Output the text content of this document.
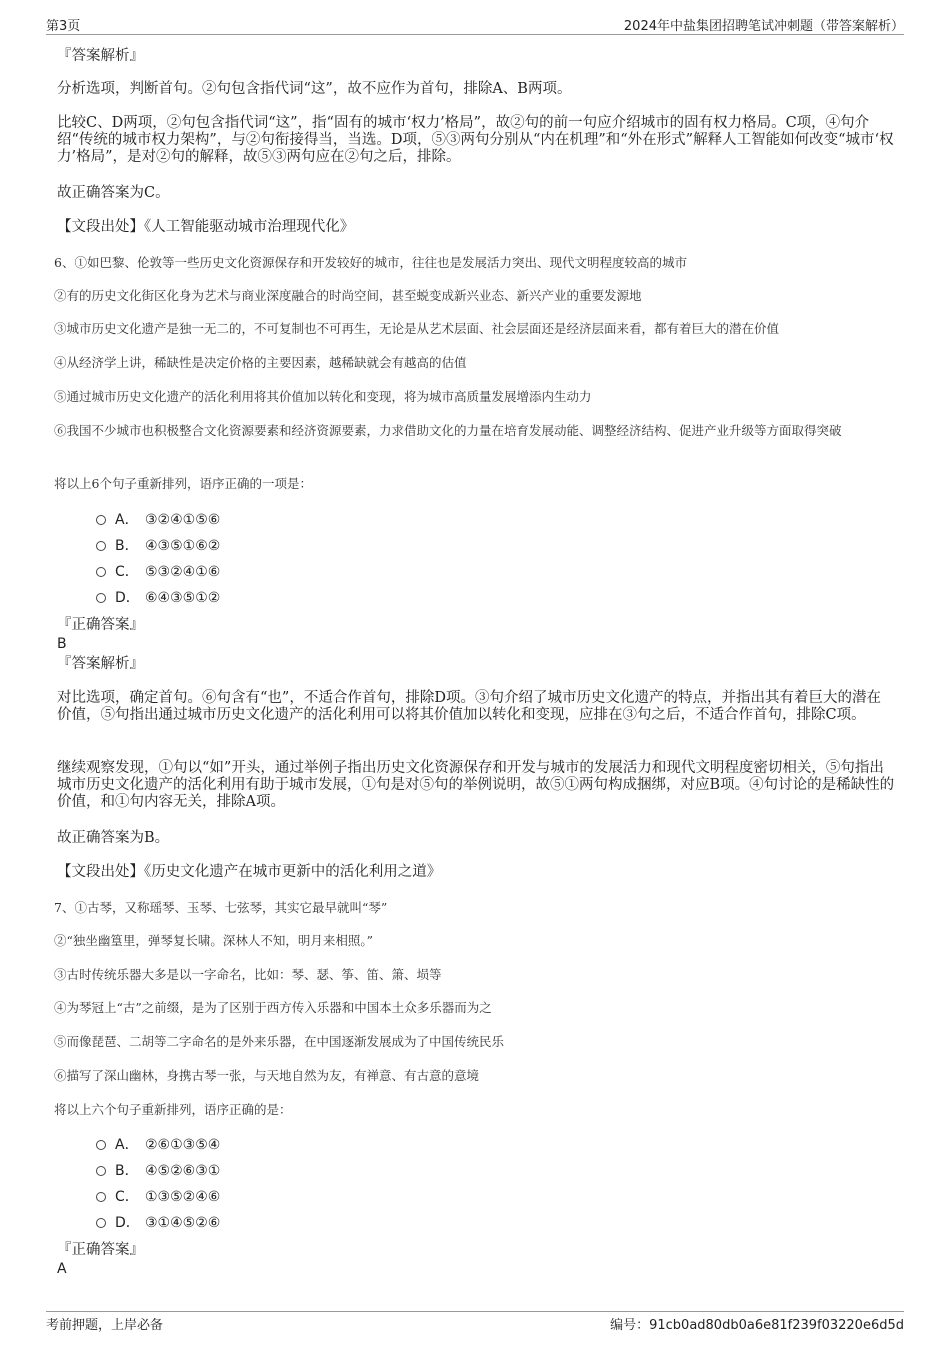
第3页	2024年中盐集团招聘笔试冲刺题（带答案解析）
『答案解析』
分析选项，判断首句。②句包含指代词“这”，故不应作为首句，排除A、B两项。
比较C、D两项，②句包含指代词“这”，指“固有的城市‘权力’格局”，故②句的前一句应介绍城市的固有权力格局。C项，④句介绍“传统的城市权力架构”，与②句衔接得当，当选。D项，⑤③两句分别从“内在机理”和“外在形式”解释人工智能如何改变“城市‘权力’格局”，是对②句的解释，故⑤③两句应在②句之后，排除。
故正确答案为C。
【文段出处】《人工智能驱动城市治理现代化》
6、①如巴黎、伦敦等一些历史文化资源保存和开发较好的城市，往往也是发展活力突出、现代文明程度较高的城市
②有的历史文化街区化身为艺术与商业深度融合的时尚空间，甚至蜕变成新兴业态、新兴产业的重要发源地
③城市历史文化遗产是独一无二的，不可复制也不可再生，无论是从艺术层面、社会层面还是经济层面来看，都有着巨大的潜在价值
④从经济学上讲，稀缺性是决定价格的主要因素，越稀缺就会有越高的估值
⑤通过城市历史文化遗产的活化利用将其价值加以转化和变现，将为城市高质量发展增添内生动力
⑥我国不少城市也积极整合文化资源要素和经济资源要素，力求借助文化的力量在培育发展动能、调整经济结构、促进产业升级等方面取得突破
将以上6个句子重新排列，语序正确的一项是：
A． ③②④①⑤⑥
B． ④③⑤①⑥②
C． ⑤③②④①⑥
D． ⑥④③⑤①②
『正确答案』
B
『答案解析』
对比选项，确定首句。⑥句含有“也”，不适合作首句，排除D项。③句介绍了城市历史文化遗产的特点，并指出其有着巨大的潜在价值，⑤句指出通过城市历史文化遗产的活化利用可以将其价值加以转化和变现，应排在③句之后，不适合作首句，排除C项。
继续观察发现，①句以“如”开头，通过举例子指出历史文化资源保存和开发与城市的发展活力和现代文明程度密切相关，⑤句指出城市历史文化遗产的活化利用有助于城市发展，①句是对⑤句的举例说明，故⑤①两句构成捆绑，对应B项。④句讨论的是稀缺性的价值，和①句内容无关，排除A项。
故正确答案为B。
【文段出处】《历史文化遗产在城市更新中的活化利用之道》
7、①古琴，又称瑶琴、玉琴、七弦琴，其实它最早就叫“琴”
②“独坐幽篁里，弹琴复长啸。深林人不知，明月来相照。”
③古时传统乐器大多是以一字命名，比如：琴、瑟、筝、笛、箫、埙等
④为琴冠上“古”之前缀，是为了区别于西方传入乐器和中国本土众多乐器而为之
⑤而像琵琶、二胡等二字命名的是外来乐器，在中国逐渐发展成为了中国传统民乐
⑥描写了深山幽林，身携古琴一张，与天地自然为友，有禅意、有古意的意境
将以上六个句子重新排列，语序正确的是：
A． ②⑥①③⑤④
B． ④⑤②⑥③①
C． ①③⑤②④⑥
D． ③①④⑤②⑥
『正确答案』
A
考前押题，上岸必备	编号：91cb0ad80db0a6e81f239f03220e6d5d
